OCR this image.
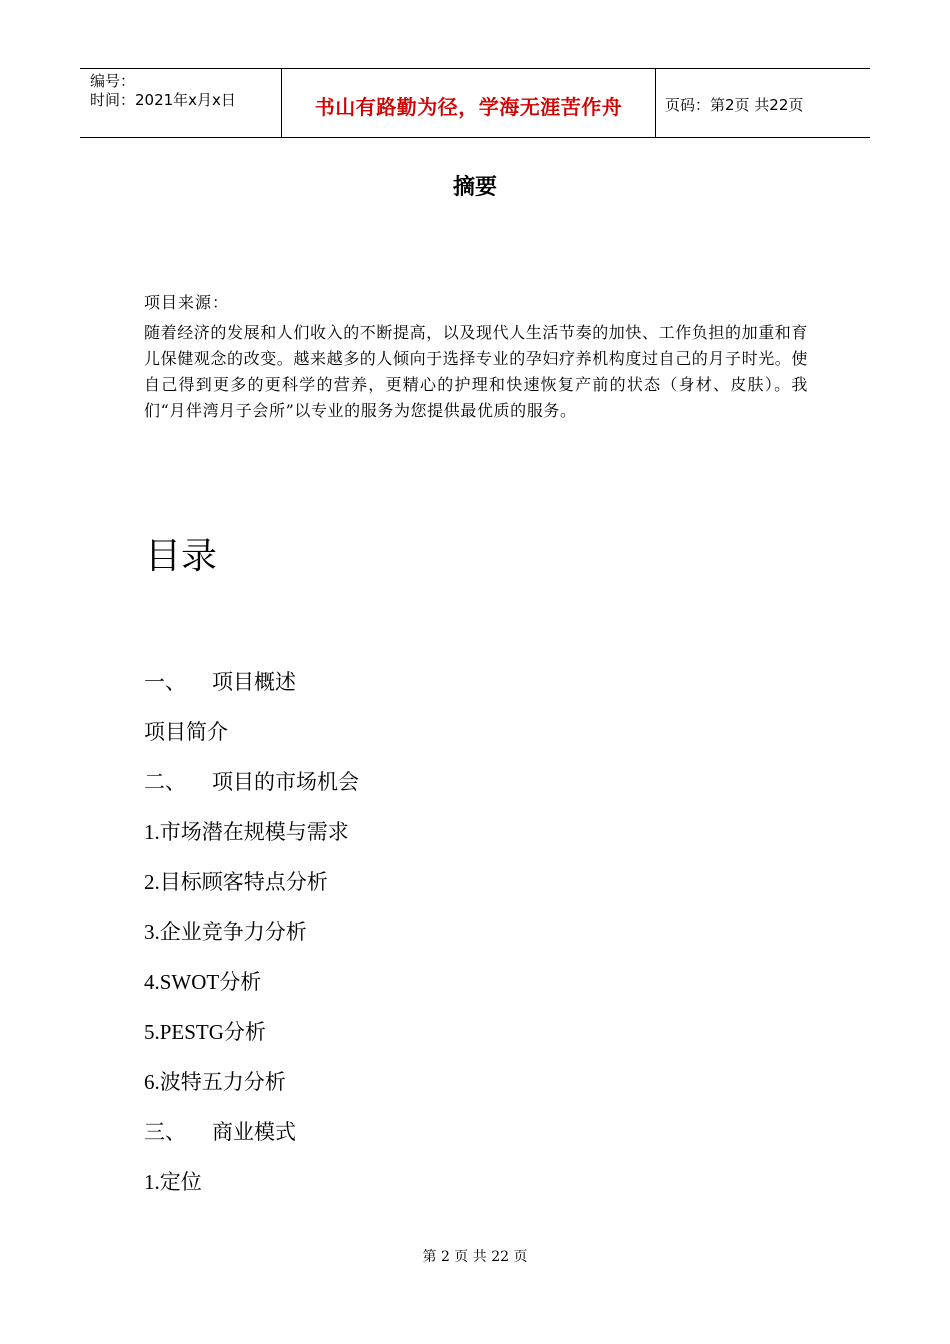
编号：
时间：2021年x月x日	书山有路勤为径，学海无涯苦作舟	页码：第2页 共22页
摘要
项目来源：
随着经济的发展和人们收入的不断提高，以及现代人生活节奏的加快、工作负担的加重和育儿保健观念的改变。越来越多的人倾向于选择专业的孕妇疗养机构度过自己的月子时光。使自己得到更多的更科学的营养，更精心的护理和快速恢复产前的状态（身材、皮肤）。我们“月伴湾月子会所”以专业的服务为您提供最优质的服务。
目录
一、 项目概述
项目简介
二、 项目的市场机会
1.市场潜在规模与需求
2.目标顾客特点分析
3.企业竞争力分析
4.SWOT分析
5.PESTG分析
6.波特五力分析
三、 商业模式
1.定位
第 2 页 共 22 页
